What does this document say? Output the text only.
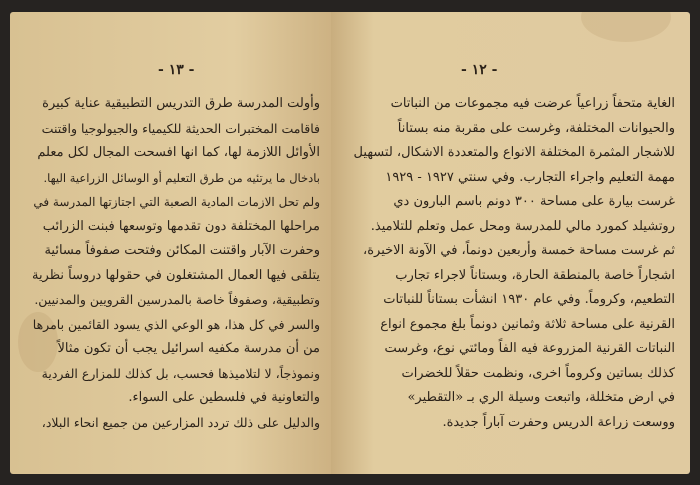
- ١٣ -
وأولت المدرسة طرق التدريس التطبيقية عناية كبيرة
فاقامت المختبرات الحديثة للكيمياء والجيولوجيا واقتنت
الأوائل اللازمة لها، كما انها افسحت المجال لكل معلم
بادخال ما يرتئيه من طرق التعليم أو الوسائل الزراعية اليها.
ولم تحل الازمات المادية الصعبة التي اجتازتها المدرسة في
مراحلها المختلفة دون تقدمها وتوسعها فبنت الزرائب
وحفرت الآبار واقتنت المكائن وفتحت صفوفاً مسائية
يتلقى فيها العمال المشتغلون في حقولها دروساً نظرية
وتطبيقية، وصفوفاً خاصة بالمدرسين القرويين والمدنيين.
والسر في كل هذا، هو الوعي الذي يسود القائمين بامرها
من أن مدرسة مكفيه اسرائيل يجب أن تكون مثالاً
ونموذجاً، لا لتلاميذها فحسب، بل كذلك للمزارع الفردية
والتعاونية في فلسطين على السواء.
والدليل على ذلك تردد المزارعين من جميع انحاء البلاد،
- ١٢ -
الغاية متحفاً زراعياً عرضت فيه مجموعات من النباتات
والحيوانات المختلفة، وغرست على مقربة منه بستاناً
للاشجار المثمرة المختلفة الانواع والمتعددة الاشكال، لتسهيل
مهمة التعليم واجراء التجارب. وفي سنتي ١٩٢٧ - ١٩٢٩
غرست بيارة على مساحة ٣٠٠ دونم باسم البارون دي
روتشيلد كمورد مالي للمدرسة ومحل عمل وتعلم للتلاميذ.
ثم غرست مساحة خمسة وأربعين دونماً، في الآونة الاخيرة،
اشجاراً خاصة بالمنطقة الحارة، وبستاناً لاجراء تجارب
التطعيم، وكروماً. وفي عام ١٩٣٠ انشأت بستاناً للنباتات
القرنية على مساحة ثلاثة وثمانين دونماً بلغ مجموع انواع
النباتات القرنية المزروعة فيه الفاً ومائتي نوع، وغرست
كذلك بساتين وكروماً اخرى، ونظمت حقلاً للخضرات
في ارض متخللة، واتبعت وسيلة الري بـ «التقطير»
ووسعت زراعة الدريس وحفرت آباراً جديدة.
